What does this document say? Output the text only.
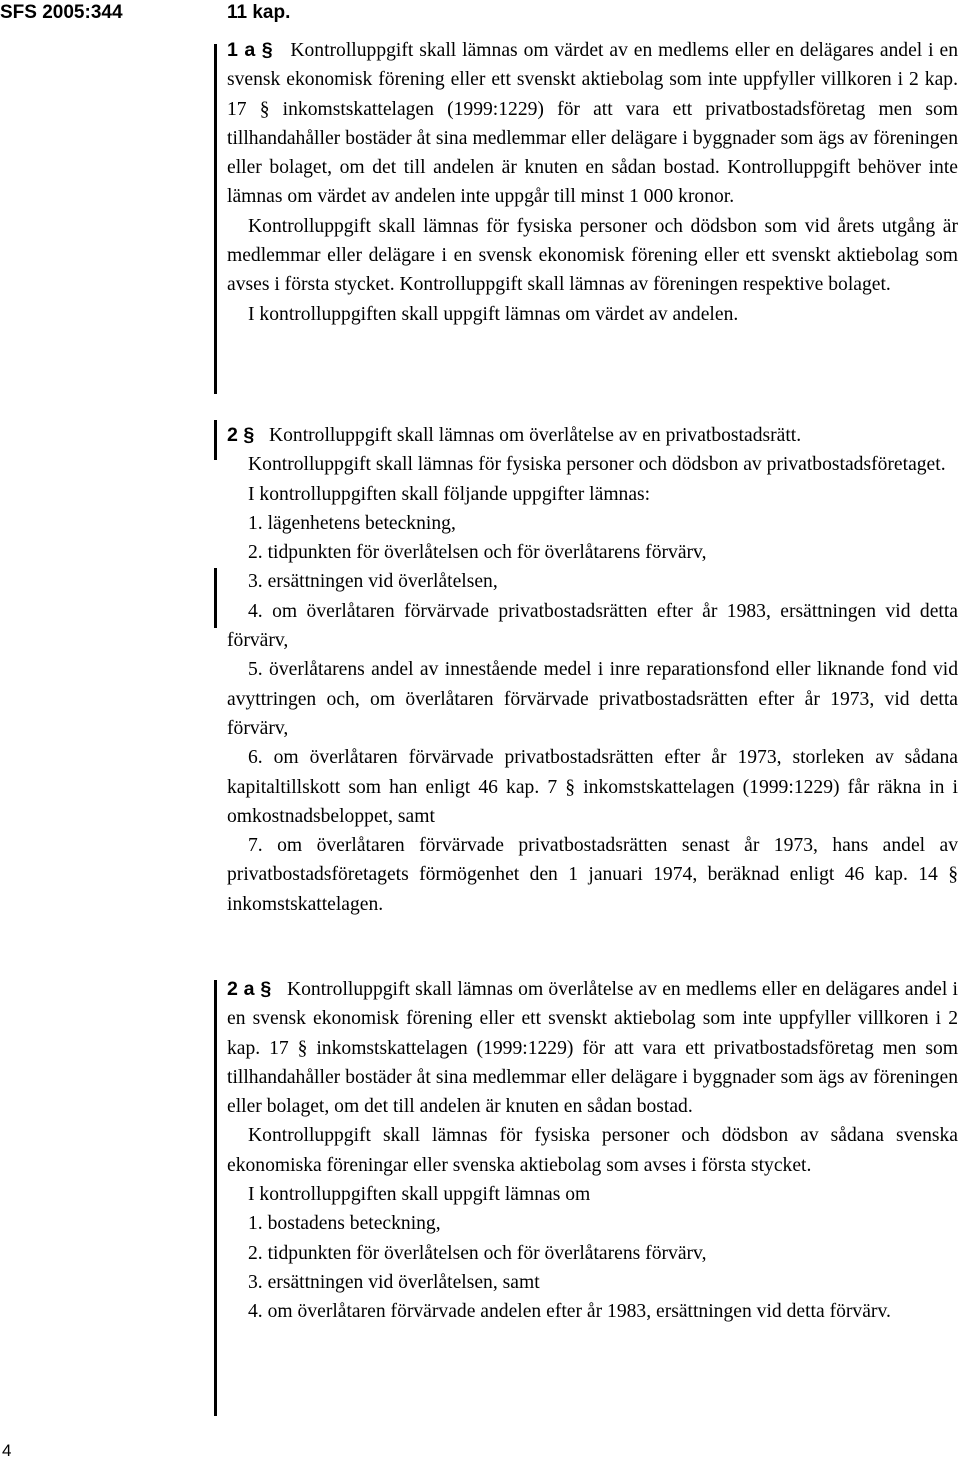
SFS 2005:344	11 kap.

1 a § Kontrolluppgift skall lämnas om värdet av en medlems eller en delägares andel i en svensk ekonomisk förening eller ett svenskt aktiebolag som inte uppfyller villkoren i 2 kap. 17 § inkomstskattelagen (1999:1229) för att vara ett privatbostadsföretag men som tillhandahåller bostäder åt sina medlemmar eller delägare i byggnader som ägs av föreningen eller bolaget, om det till andelen är knuten en sådan bostad. Kontrolluppgift behöver inte lämnas om värdet av andelen inte uppgår till minst 1 000 kronor.

Kontrolluppgift skall lämnas för fysiska personer och dödsbon som vid årets utgång är medlemmar eller delägare i en svensk ekonomisk förening eller ett svenskt aktiebolag som avses i första stycket. Kontrolluppgift skall lämnas av föreningen respektive bolaget.

I kontrolluppgiften skall uppgift lämnas om värdet av andelen.

2 § Kontrolluppgift skall lämnas om överlåtelse av en privatbostadsrätt.

Kontrolluppgift skall lämnas för fysiska personer och dödsbon av privatbostadsföretaget.

I kontrolluppgiften skall följande uppgifter lämnas:

1. lägenhetens beteckning,

2. tidpunkten för överlåtelsen och för överlåtarens förvärv,

3. ersättningen vid överlåtelsen,

4. om överlåtaren förvärvade privatbostadsrätten efter år 1983, ersättningen vid detta förvärv,

5. överlåtarens andel av innestående medel i inre reparationsfond eller liknande fond vid avyttringen och, om överlåtaren förvärvade privatbostadsrätten efter år 1973, vid detta förvärv,

6. om överlåtaren förvärvade privatbostadsrätten efter år 1973, storleken av sådana kapitaltillskott som han enligt 46 kap. 7 § inkomstskattelagen (1999:1229) får räkna in i omkostnadsbeloppet, samt

7. om överlåtaren förvärvade privatbostadsrätten senast år 1973, hans andel av privatbostadsföretagets förmögenhet den 1 januari 1974, beräknad enligt 46 kap. 14 § inkomstskattelagen.

2 a § Kontrolluppgift skall lämnas om överlåtelse av en medlems eller en delägares andel i en svensk ekonomisk förening eller ett svenskt aktiebolag som inte uppfyller villkoren i 2 kap. 17 § inkomstskattelagen (1999:1229) för att vara ett privatbostadsföretag men som tillhandahåller bostäder åt sina medlemmar eller delägare i byggnader som ägs av föreningen eller bolaget, om det till andelen är knuten en sådan bostad.

Kontrolluppgift skall lämnas för fysiska personer och dödsbon av sådana svenska ekonomiska föreningar eller svenska aktiebolag som avses i första stycket.

I kontrolluppgiften skall uppgift lämnas om

1. bostadens beteckning,

2. tidpunkten för överlåtelsen och för överlåtarens förvärv,

3. ersättningen vid överlåtelsen, samt

4. om överlåtaren förvärvade andelen efter år 1983, ersättningen vid detta förvärv.

4
